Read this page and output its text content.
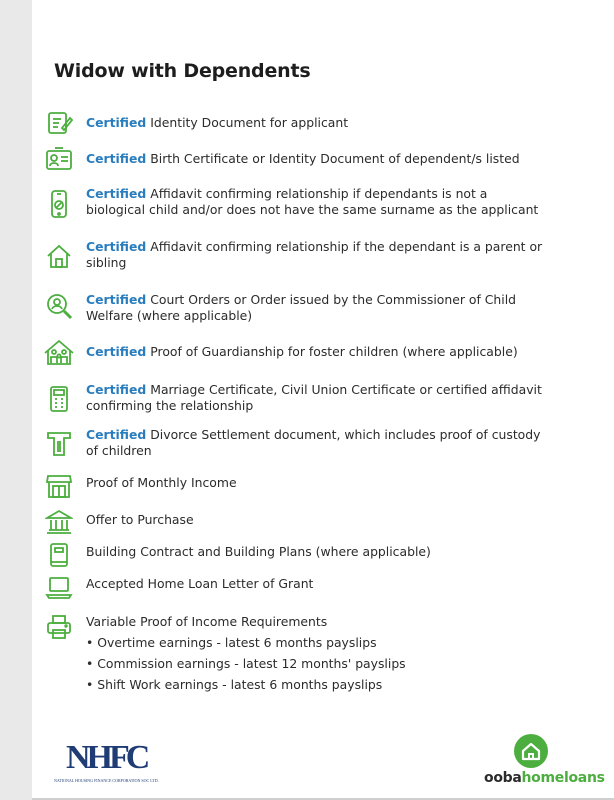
Widow with Dependents
Certified Identity Document for applicant
Certified Birth Certificate or Identity Document of dependent/s listed
Certified Affidavit confirming relationship if dependants is not a biological child and/or does not have the same surname as the applicant
Certified Affidavit confirming relationship if the dependant is a parent or sibling
Certified Court Orders or Order issued by the Commissioner of Child Welfare (where applicable)
Certified Proof of Guardianship for foster children (where applicable)
Certified Marriage Certificate, Civil Union Certificate or certified affidavit confirming the relationship
Certified Divorce Settlement document, which includes proof of custody of children
Proof of Monthly Income
Offer to Purchase
Building Contract and Building Plans (where applicable)
Accepted Home Loan Letter of Grant
Variable Proof of Income Requirements
• Overtime earnings - latest 6 months payslips
• Commission earnings - latest 12 months' payslips
• Shift Work earnings - latest 6 months payslips
NHFC
NATIONAL HOUSING FINANCE CORPORATION SOC LTD.	oobahomeloans
